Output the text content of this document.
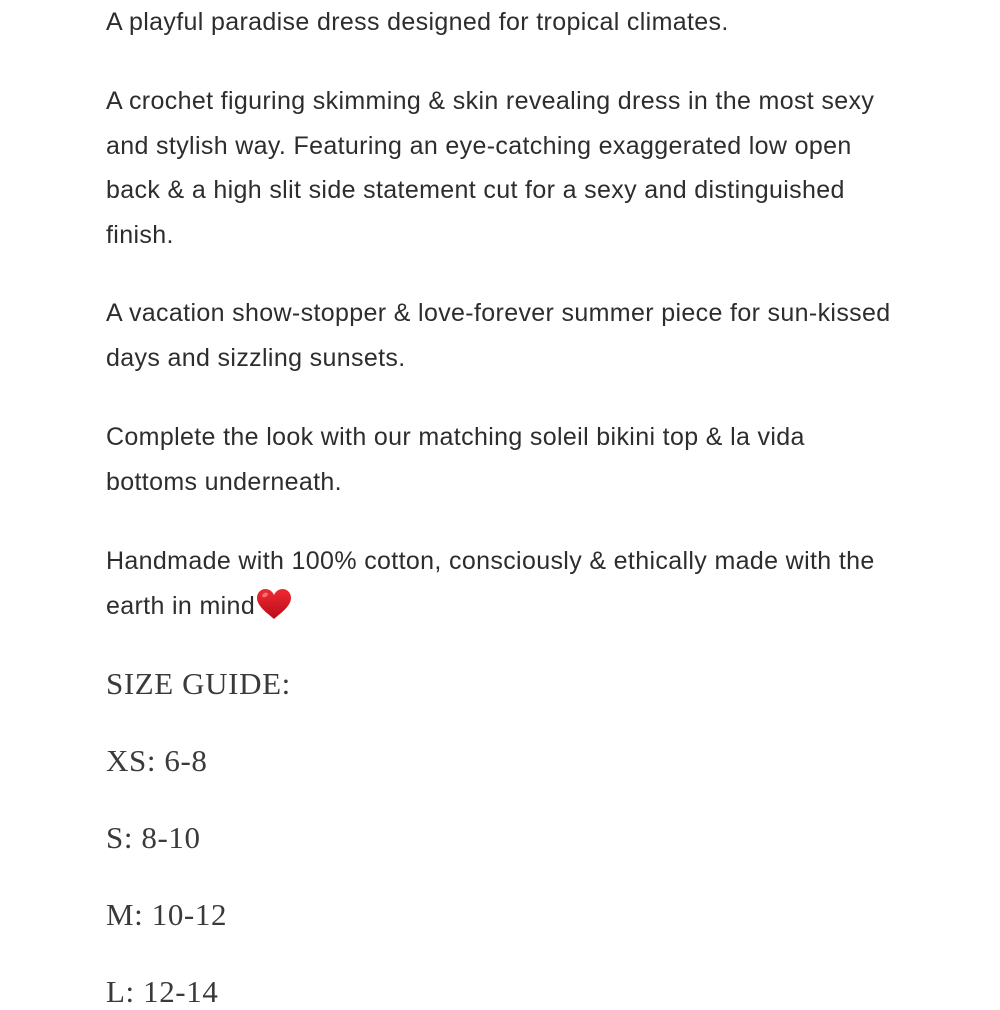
A playful paradise dress designed for tropical climates.

A crochet figuring skimming & skin revealing dress in the most sexy and stylish way. Featuring an eye-catching exaggerated low open back & a high slit side statement cut for a sexy and distinguished finish.

A vacation show-stopper & love-forever summer piece for sun-kissed days and sizzling sunsets.

Complete the look with our matching soleil bikini top & la vida bottoms underneath.

Handmade with 100% cotton, consciously & ethically made with the earth in mind

SIZE GUIDE:
XS: 6-8
S: 8-10
M: 10-12
L: 12-14
